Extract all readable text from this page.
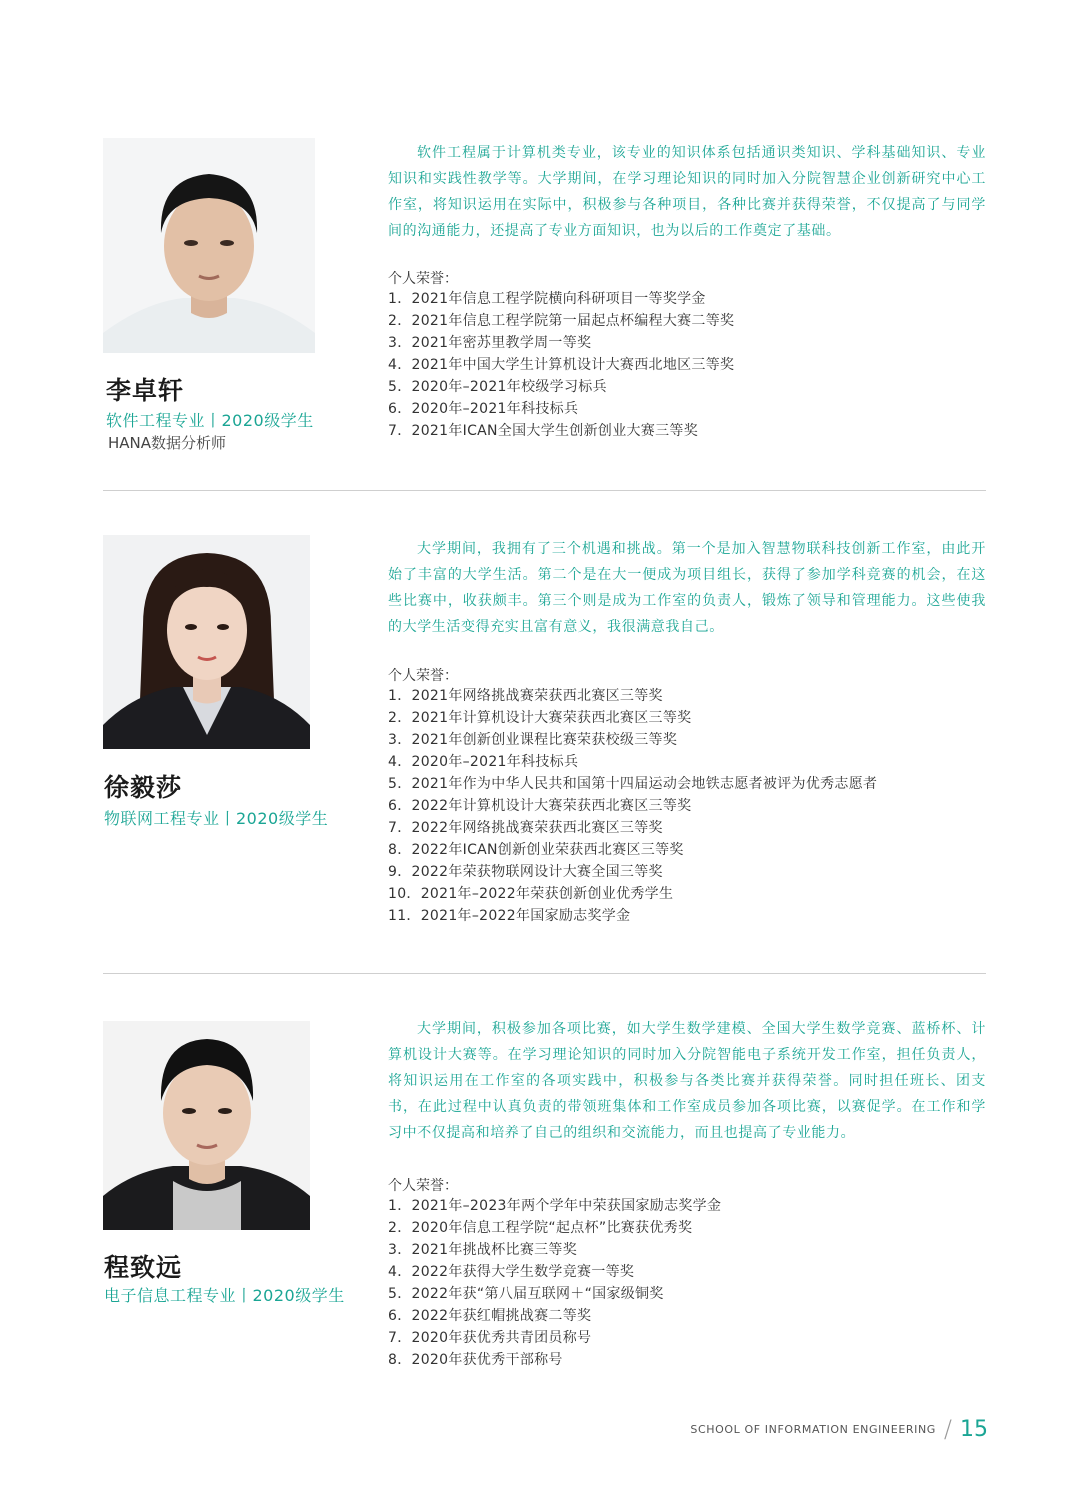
李卓轩
软件工程专业丨2020级学生
HANA数据分析师

软件工程属于计算机类专业，该专业的知识体系包括通识类知识、学科基础知识、专业知识和实践性教学等。大学期间，在学习理论知识的同时加入分院智慧企业创新研究中心工作室，将知识运用在实际中，积极参与各种项目，各种比赛并获得荣誉，不仅提高了与同学间的沟通能力，还提高了专业方面知识，也为以后的工作奠定了基础。

个人荣誉：
1．2021年信息工程学院横向科研项目一等奖学金
2．2021年信息工程学院第一届起点杯编程大赛二等奖
3．2021年密苏里教学周一等奖
4．2021年中国大学生计算机设计大赛西北地区三等奖
5．2020年–2021年校级学习标兵
6．2020年–2021年科技标兵
7．2021年ICAN全国大学生创新创业大赛三等奖
徐毅莎
物联网工程专业丨2020级学生

大学期间，我拥有了三个机遇和挑战。第一个是加入智慧物联科技创新工作室，由此开始了丰富的大学生活。第二个是在大一便成为项目组长，获得了参加学科竞赛的机会，在这些比赛中，收获颇丰。第三个则是成为工作室的负责人，锻炼了领导和管理能力。这些使我的大学生活变得充实且富有意义，我很满意我自己。

个人荣誉：
1．2021年网络挑战赛荣获西北赛区三等奖
2．2021年计算机设计大赛荣获西北赛区三等奖
3．2021年创新创业课程比赛荣获校级三等奖
4．2020年–2021年科技标兵
5．2021年作为中华人民共和国第十四届运动会地铁志愿者被评为优秀志愿者
6．2022年计算机设计大赛荣获西北赛区三等奖
7．2022年网络挑战赛荣获西北赛区三等奖
8．2022年ICAN创新创业荣获西北赛区三等奖
9．2022年荣获物联网设计大赛全国三等奖
10．2021年–2022年荣获创新创业优秀学生
11．2021年–2022年国家励志奖学金
程致远
电子信息工程专业丨2020级学生

大学期间，积极参加各项比赛，如大学生数学建模、全国大学生数学竞赛、蓝桥杯、计算机设计大赛等。在学习理论知识的同时加入分院智能电子系统开发工作室，担任负责人，将知识运用在工作室的各项实践中，积极参与各类比赛并获得荣誉。同时担任班长、团支书，在此过程中认真负责的带领班集体和工作室成员参加各项比赛，以赛促学。在工作和学习中不仅提高和培养了自己的组织和交流能力，而且也提高了专业能力。

个人荣誉：
1．2021年–2023年两个学年中荣获国家励志奖学金
2．2020年信息工程学院“起点杯”比赛获优秀奖
3．2021年挑战杯比赛三等奖
4．2022年获得大学生数学竞赛一等奖
5．2022年获“第八届互联网＋“国家级铜奖
6．2022年获红帽挑战赛二等奖
7．2020年获优秀共青团员称号
8．2020年获优秀干部称号
SCHOOL OF INFORMATION ENGINEERING / 15
